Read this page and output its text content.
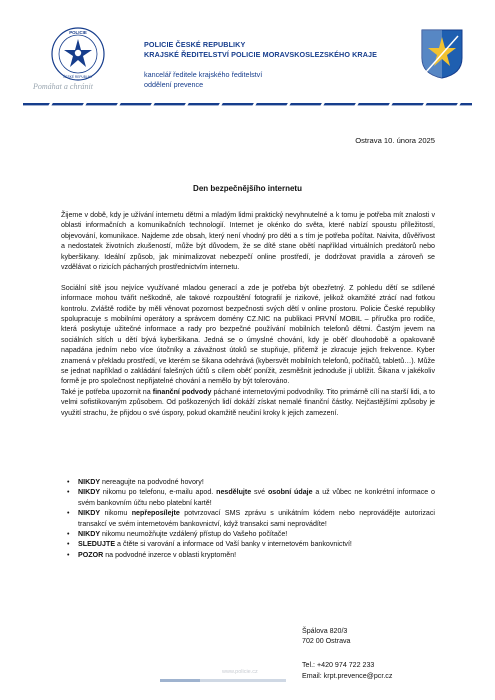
POLICIE
ČESKÉ REPUBLIKY
Pomáhat a chránit
POLICIE ČESKÉ REPUBLIKY
KRAJSKÉ ŘEDITELSTVÍ POLICIE MORAVSKOSLEZSKÉHO KRAJE
kancelář ředitele krajského ředitelství
oddělení prevence
Ostrava 10. února 2025
Den bezpečnějšího internetu

Žijeme v době, kdy je užívání internetu dětmi a mladým lidmi praktický nevyhnutelné a k tomu je potřeba mít znalosti v oblasti informačních a komunikačních technologií. Internet je okénko do světa, které nabízí spoustu příležitostí, objevování, komunikace. Najdeme zde obsah, který není vhodný pro děti a s tím je potřeba počítat. Naivita, důvěřivost a nedostatek životních zkušeností, může být důvodem, že se dítě stane obětí například virtuálních predátorů nebo kyberšikany. Ideální způsob, jak minimalizovat nebezpečí online prostředí, je dodržovat pravidla a zároveň se vzdělávat o rizicích páchaných prostřednictvím internetu.

Sociální sítě jsou nejvíce využívané mladou generací a zde je potřeba být obezřetný. Z pohledu dětí se sdílené informace mohou tvářit neškodně, ale takové rozpouštění fotografií je rizikové, jelikož okamžité ztrácí nad fotkou kontrolu. Zvláště rodiče by měli věnovat pozornost bezpečnosti svých dětí v online prostoru. Policie České republiky spolupracuje s mobilními operátory a správcem domény CZ.NIC na publikaci PRVNÍ MOBIL – příručka pro rodiče, která poskytuje užitečné informace a rady pro bezpečné používání mobilních telefonů dětmi. Častým jevem na sociálních sítích u dětí bývá kyberšikana. Jedná se o úmyslné chování, kdy je oběť dlouhodobě a opakovaně napadána jedním nebo více útočníky a závažnost útoků se stupňuje, přičemž je zkracuje jejich frekvence. Kyber znamená v překladu prostředí, ve kterém se šikana odehrává (kybersvět mobilních telefonů, počítačů, tabletů…). Může se jednat například o zakládání falešných účtů s cílem oběť ponížit, zesměšnit jednoduše jí ublížit. Šikana v jakékoliv formě je pro společnost nepřijatelné chování a nemělo by být tolerováno.

Také je potřeba upozornit na finanční podvody páchané internetovými podvodníky. Tito primárně cílí na starší lidi, a to velmi sofistikovaným způsobem. Od poškozených lidí dokáží získat nemalé finanční částky. Nejčastějšími způsoby je využití strachu, že přijdou o své úspory, pokud okamžitě neučiní kroky k jejich zamezení.

• NIKDY nereagujte na podvodné hovory!
• NIKDY nikomu po telefonu, e-mailu apod. nesdělujte své osobní údaje a už vůbec ne konkrétní informace o svém bankovním účtu nebo platební kartě!
• NIKDY nikomu nepřeposílejte potvrzovací SMS zprávu s unikátním kódem nebo neprovádějte autorizaci transakcí ve svém internetovém bankovnictví, když transakci sami neprovádíte!
• NIKDY nikomu neumožňujte vzdálený přístup do Vašeho počítače!
• SLEDUJTE a čtěte si varování a informace od Vaší banky v internetovém bankovnictví!
• POZOR na podvodné inzerce v oblasti kryptoměn!
Špálova 820/3
702 00 Ostrava
Tel.: +420 974 722 233
Email: krpt.prevence@pcr.cz
www.policie.cz
